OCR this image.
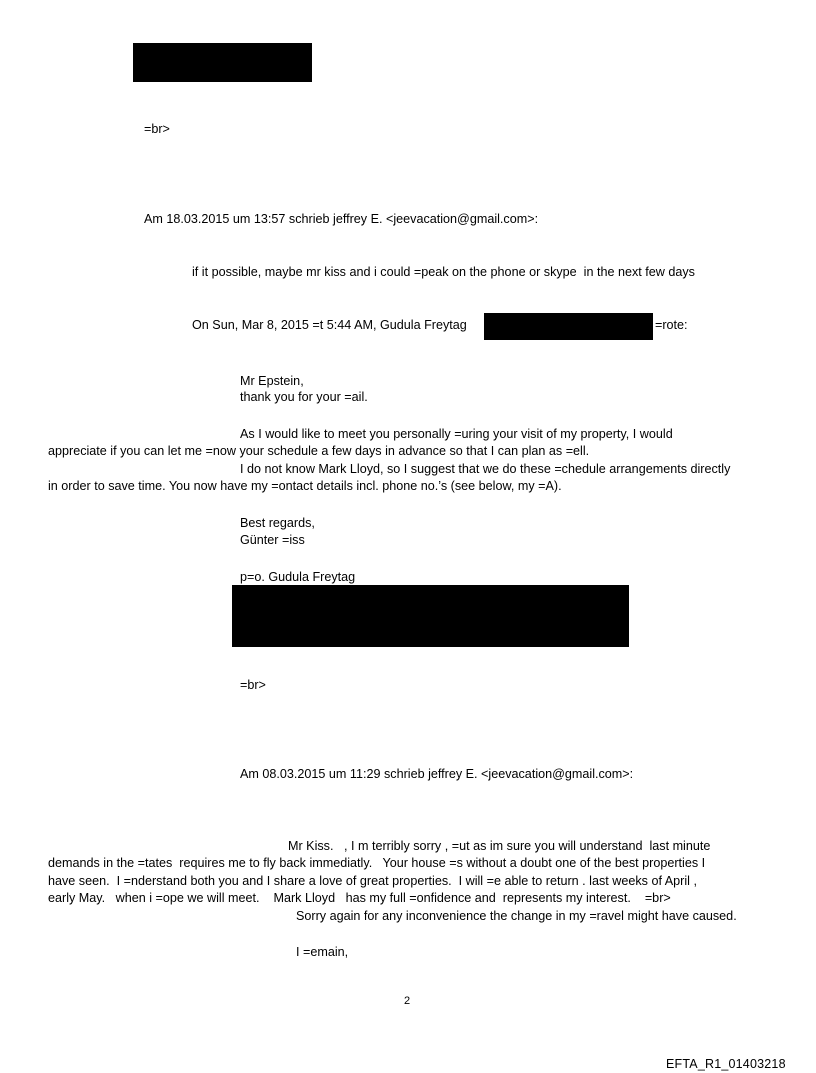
=br>
Am 18.03.2015 um 13:57 schrieb jeffrey E. <jeevacation@gmail.com>:
if it possible, maybe mr kiss and i could =peak on the phone or skype  in the next few days
On Sun, Mar 8, 2015 =t 5:44 AM, Gudula Freytag	=rote:
Mr Epstein,
thank you for your =ail.
As I would like to meet you personally =uring your visit of my property, I would
appreciate if you can let me =now your schedule a few days in advance so that I can plan as =ell.
I do not know Mark Lloyd, so I suggest that we do these =chedule arrangements directly
in order to save time. You now have my =ontact details incl. phone no.’s (see below, my =A).
Best regards,
Günter =iss
p=o. Gudula Freytag
=br>
Am 08.03.2015 um 11:29 schrieb jeffrey E. <jeevacation@gmail.com>:
Mr Kiss.   , I m terribly sorry , =ut as im sure you will understand  last minute
demands in the =tates  requires me to fly back immediatly.   Your house =s without a doubt one of the best properties I
have seen.  I =nderstand both you and I share a love of great properties.  I will =e able to return . last weeks of April ,
early May.   when i =ope we will meet.    Mark Lloyd   has my full =onfidence and  represents my interest.    =br>
Sorry again for any inconvenience the change in my =ravel might have caused.
I =emain,
2
EFTA_R1_01403218
